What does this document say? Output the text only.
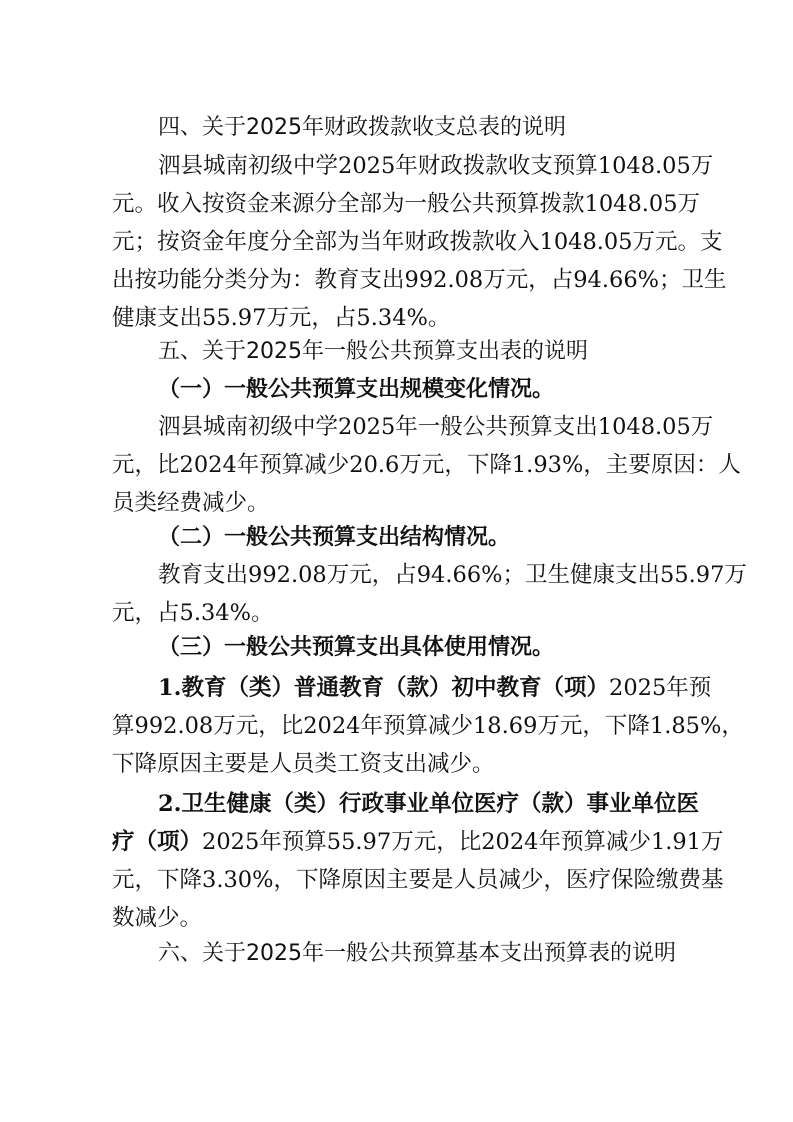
四、关于2025年财政拨款收支总表的说明
泗县城南初级中学2025年财政拨款收支预算1048.05万
元。收入按资金来源分全部为一般公共预算拨款1048.05万
元；按资金年度分全部为当年财政拨款收入1048.05万元。支
出按功能分类分为：教育支出992.08万元，占94.66%；卫生
健康支出55.97万元，占5.34%。
五、关于2025年一般公共预算支出表的说明
（一）一般公共预算支出规模变化情况。
泗县城南初级中学2025年一般公共预算支出1048.05万
元，比2024年预算减少20.6万元，下降1.93%，主要原因：人
员类经费减少。
（二）一般公共预算支出结构情况。
教育支出992.08万元，占94.66%；卫生健康支出55.97万
元，占5.34%。
（三）一般公共预算支出具体使用情况。
1.教育（类）普通教育（款）初中教育（项）2025年预
算992.08万元，比2024年预算减少18.69万元，下降1.85%，
下降原因主要是人员类工资支出减少。
2.卫生健康（类）行政事业单位医疗（款）事业单位医
疗（项）2025年预算55.97万元，比2024年预算减少1.91万
元，下降3.30%，下降原因主要是人员减少，医疗保险缴费基
数减少。
六、关于2025年一般公共预算基本支出预算表的说明
